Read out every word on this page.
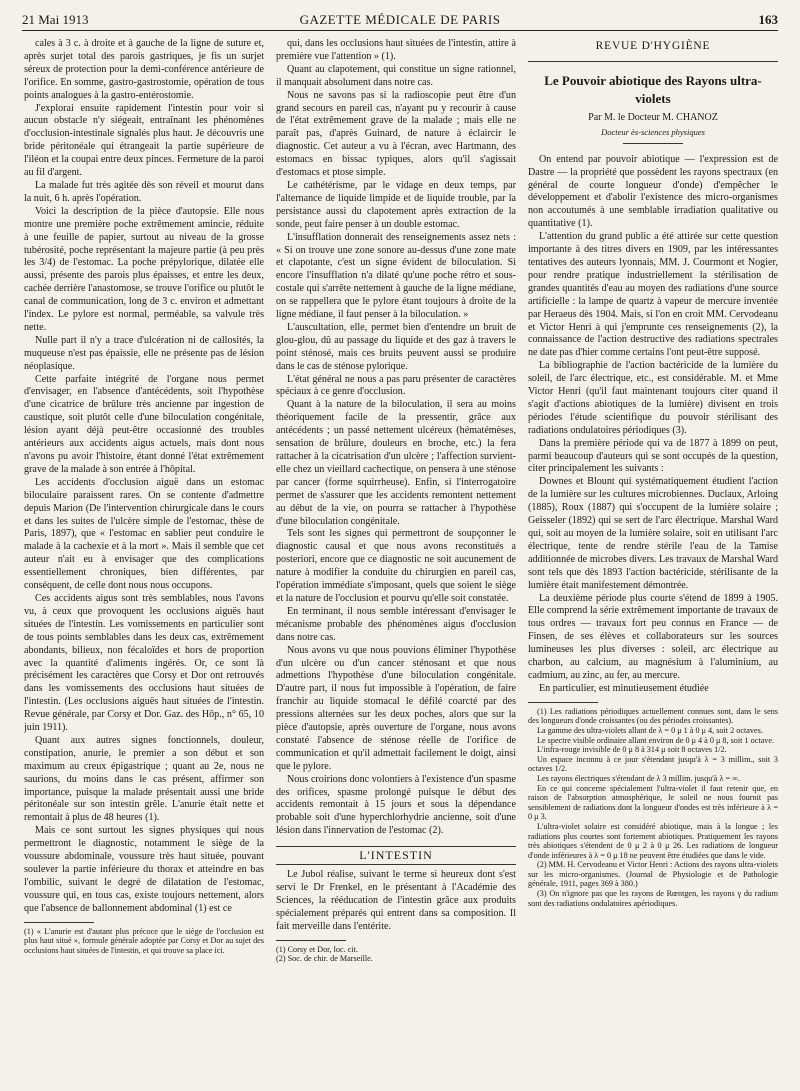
21 Mai 1913	GAZETTE MÉDICALE DE PARIS	163

cales à 3 c. à droite et à gauche de la ligne de suture et, après surjet total des parois gastriques, je fis un surjet séreux de protection pour la demi-conférence antérieure de l'orifice. En somme, gastro-gastrostomie, opération de tous points analogues à la gastro-entérostomie.

J'explorai ensuite rapidement l'intestin pour voir si aucun obstacle n'y siégeait, entraînant les phénomènes d'occlusion-intestinale signalés plus haut. Je découvris une bride péritonéale qui étrangeait la partie supérieure de l'iléon et la coupai entre deux pinces. Fermeture de la paroi au fil d'argent.

La malade fut très agitée dès son réveil et mourut dans la nuit, 6 h. après l'opération.

Voici la description de la pièce d'autopsie. Elle nous montre une première poche extrêmement amincie, réduite à une feuille de papier, surtout au niveau de la grosse tubérosité, poche représentant la majeure partie (à peu près les 3/4) de l'estomac. La poche prépylorique, dilatée elle aussi, présente des parois plus épaisses, et entre les deux, cachée derrière l'anastomose, se trouve l'orifice ou plutôt le canal de communication, long de 3 c. environ et admettant l'index. Le pylore est normal, perméable, sa valvule très nette.

Nulle part il n'y a trace d'ulcération ni de callosités, la muqueuse n'est pas épaissie, elle ne présente pas de lésion néoplasique.

Cette parfaite intégrité de l'organe nous permet d'envisager, en l'absence d'antécédents, soit l'hypothèse d'une cicatrice de brûlure très ancienne par ingestion de caustique, soit plutôt celle d'une biloculation congénitale, lésion ayant déjà peut-être occasionné des troubles antérieurs aux accidents aigus actuels, mais dont nous n'avons pu avoir l'histoire, étant donné l'état extrêmement grave de la malade à son entrée à l'hôpital.

Les accidents d'occlusion aiguë dans un estomac biloculaire paraissent rares. On se contente d'admettre depuis Marion (De l'intervention chirurgicale dans le cours et dans les suites de l'ulcère simple de l'estomac, thèse de Paris, 1897), que « l'estomac en sablier peut conduire le malade à la cachexie et à la mort ». Mais il semble que cet auteur n'ait eu à envisager que des complications essentiellement chroniques, bien différentes, par conséquent, de celle dont nous nous occupons.

Ces accidents aigus sont très semblables, nous l'avons vu, à ceux que provoquent les occlusions aiguës haut situées de l'intestin. Les vomissements en particulier sont de tous points semblables dans les deux cas, extrêmement abondants, bilieux, non fécaloïdes et hors de proportion avec la quantité d'aliments ingérés. Or, ce sont là précisément les caractères que Corsy et Dor ont retrouvés dans les vomissements des occlusions haut situées de l'intestin. (Les occlusions aiguës haut situées de l'intestin. Revue générale, par Corsy et Dor. Gaz. des Hôp., n° 65, 10 juin 1911).

Quant aux autres signes fonctionnels, douleur, constipation, anurie, le premier a son début et son maximum au creux épigastrique ; quant au 2e, nous ne saurions, du moins dans le cas présent, affirmer son importance, puisque la malade présentait aussi une bride péritonéale sur son intestin grêle. L'anurie était nette et remontait à plus de 48 heures (1).

Mais ce sont surtout les signes physiques qui nous permettront le diagnostic, notamment le siège de la voussure abdominale, voussure très haut située, pouvant soulever la partie inférieure du thorax et atteindre en bas l'ombilic, suivant le degré de dilatation de l'estomac, voussure qui, en tous cas, existe toujours nettement, alors que l'absence de ballonnement abdominal (1) est ce

(1) « L'anurie est d'autant plus précoce que le siège de l'occlusion est plus haut situé », formule générale adoptée par Corsy et Dor au sujet des occlusions haut situées de l'intestin, et qui trouve sa place ici.

qui, dans les occlusions haut situées de l'intestin, attire à première vue l'attention » (1).

Quant au clapotement, qui constitue un signe rationnel, il manquait absolument dans notre cas.

Nous ne savons pas si la radioscopie peut être d'un grand secours en pareil cas, n'ayant pu y recourir à cause de l'état extrêmement grave de la malade ; mais elle ne paraît pas, d'après Guinard, de nature à éclaircir le diagnostic. Cet auteur a vu à l'écran, avec Hartmann, des estomacs en bissac typiques, alors qu'il s'agissait d'estomacs et ptose simple.

Le cathétérisme, par le vidage en deux temps, par l'alternance de liquide limpide et de liquide trouble, par la persistance aussi du clapotement après extraction de la sonde, peut faire penser à un double estomac.

L'insufflation donnerait des renseignements assez nets : « Si on trouve une zone sonore au-dessus d'une zone mate et clapotante, c'est un signe évident de biloculation. Si encore l'insufflation n'a dilaté qu'une poche rétro et sous-costale qui s'arrête nettement à gauche de la ligne médiane, on se rappellera que le pylore étant toujours à droite de la ligne médiane, il faut penser à la biloculation. »

L'auscultation, elle, permet bien d'entendre un bruit de glou-glou, dû au passage du liquide et des gaz à travers le point sténosé, mais ces bruits peuvent aussi se produire dans le cas de sténose pylorique.

L'état général ne nous a pas paru présenter de caractères spéciaux à ce genre d'occlusion.

Quant à la nature de la biloculation, il sera au moins théoriquement facile de la pressentir, grâce aux antécédents ; un passé nettement ulcéreux (hématémèses, sensation de brûlure, douleurs en broche, etc.) la fera rattacher à la cicatrisation d'un ulcère ; l'affection survient-elle chez un vieillard cachectique, on pensera à une sténose par cancer (forme squirrheuse). Enfin, si l'interrogatoire permet de s'assurer que les accidents remontent nettement au début de la vie, on pourra se rattacher à l'hypothèse d'une biloculation congénitale.

Tels sont les signes qui permettront de soupçonner le diagnostic causal et que nous avons reconstitués a posteriori, encore que ce diagnostic ne soit aucunement de nature à modifier la conduite du chirurgien en pareil cas, l'opération immédiate s'imposant, quels que soient le siège et la nature de l'occlusion et pourvu qu'elle soit constatée.

En terminant, il nous semble intéressant d'envisager le mécanisme probable des phénomènes aigus d'occlusion dans notre cas.

Nous avons vu que nous pouvions éliminer l'hypothèse d'un ulcère ou d'un cancer sténosant et que nous admettions l'hypothèse d'une biloculation congénitale. D'autre part, il nous fut impossible à l'opération, de faire franchir au liquide stomacal le défilé coarcté par des pressions alternées sur les deux poches, alors que sur la pièce d'autopsie, après ouverture de l'organe, nous avons constaté l'absence de sténose réelle de l'orifice de communication et qu'il admettait facilement le doigt, ainsi que le pylore.

Nous croirions donc volontiers à l'existence d'un spasme des orifices, spasme prolongé puisque le début des accidents remontait à 15 jours et sous la dépendance probable soit d'une hyperchlorhydrie ancienne, soit d'une lésion dans l'innervation de l'estomac (2).

L'INTESTIN

Le Jubol réalise, suivant le terme si heureux dont s'est servi le Dr Frenkel, en le présentant à l'Académie des Sciences, la rééducation de l'intestin grâce aux produits spécialement préparés qui entrent dans sa composition. Il fait merveille dans l'entérite.

(1) Corsy et Dor, loc. cit.

(2) Soc. de chir. de Marseille.

REVUE D'HYGIÈNE
Le Pouvoir abiotique des Rayons ultra-violets
Par M. le Docteur M. CHANOZ
Docteur ès-sciences physiques

On entend par pouvoir abiotique — l'expression est de Dastre — la propriété que possèdent les rayons spectraux (en général de courte longueur d'onde) d'empêcher le développement et d'abolir l'existence des micro-organismes non accoutumés à une semblable irradiation qualitative ou quantitative (1).

L'attention du grand public a été attirée sur cette question importante à des titres divers en 1909, par les intéressantes tentatives des auteurs lyonnais, MM. J. Courmont et Nogier, pour rendre pratique industriellement la stérilisation de grandes quantités d'eau au moyen des radiations d'une source artificielle : la lampe de quartz à vapeur de mercure inventée par Heraeus dès 1904. Mais, si l'on en croit MM. Cervodeanu et Victor Henri à qui j'emprunte ces renseignements (2), la connaissance de l'action destructive des radiations spectrales ne date pas d'hier comme certains l'ont peut-être supposé.

La bibliographie de l'action bactéricide de la lumière du soleil, de l'arc électrique, etc., est considérable. M. et Mme Victor Henri (qu'il faut maintenant toujours citer quand il s'agit d'actions abiotiques de la lumière) divisent en trois périodes l'étude scientifique du pouvoir stérilisant des radiations ondulatoires périodiques (3).

Dans la première période qui va de 1877 à 1899 on peut, parmi beaucoup d'auteurs qui se sont occupés de la question, citer principalement les suivants :

Downes et Blount qui systématiquement étudient l'action de la lumière sur les cultures microbiennes. Duclaux, Arloing (1885), Roux (1887) qui s'occupent de la lumière solaire ; Geisseler (1892) qui se sert de l'arc électrique. Marshal Ward qui, soit au moyen de la lumière solaire, soit en utilisant l'arc électrique, tente de rendre stérile l'eau de la Tamise additionnée de microbes divers. Les travaux de Marshal Ward sont tels que dès 1893 l'action bactéricide, stérilisante de la lumière était manifestement démontrée.

La deuxième période plus courte s'étend de 1899 à 1905. Elle comprend la série extrêmement importante de travaux de tous ordres — travaux fort peu connus en France — de Finsen, de ses élèves et collaborateurs sur les sources lumineuses les plus diverses : soleil, arc électrique au charbon, au calcium, au magnésium à l'aluminium, au cadmium, au zinc, au fer, au mercure.

En particulier, est minutieusement étudiée

(1) Les radiations périodiques actuellement connues sont, dans le sens des longueurs d'onde croissantes (ou des périodes croissantes).

La gamme des ultra-violets allant de λ = 0 μ 1 à 0 μ 4, soit 2 octaves.

Le spectre visible ordinaire allant environ de 0 μ 4 à 0 μ 8, soit 1 octave.

L'infra-rouge invisible de 0 μ 8 à 314 μ soit 8 octaves 1/2.

Un espace inconnu à ce jour s'étendant jusqu'à λ = 3 millim., soit 3 octaves 1/2.

Les rayons électriques s'étendant de λ 3 millim. jusqu'à λ = ∞.

En ce qui concerne spécialement l'ultra-violet il faut retenir que, en raison de l'absorption atmosphérique, le soleil ne nous fournit pas sensiblement de radiations dont la longueur d'ondes est très inférieure à λ = 0 μ 3.

L'ultra-violet solaire est considéré abiotique, mais à la longue ; les radiations plus courtes sont fortement abiotiques. Pratiquement les rayons très abiotiques s'étendent de 0 μ 2 à 0 μ 26. Les radiations de longueur d'onde inférieures à λ = 0 μ 18 ne peuvent être étudiées que dans le vide.

(2) MM. H. Cervodeanu et Victor Henri : Actions des rayons ultra-violets sur les micro-organismes. (Journal de Physiologie et de Pathologie générale, 1911, pages 369 à 380.)

(3) On n'ignore pas que les rayons de Rœntgen, les rayons γ du radium sont des radiations ondulatoires apériodiques.
